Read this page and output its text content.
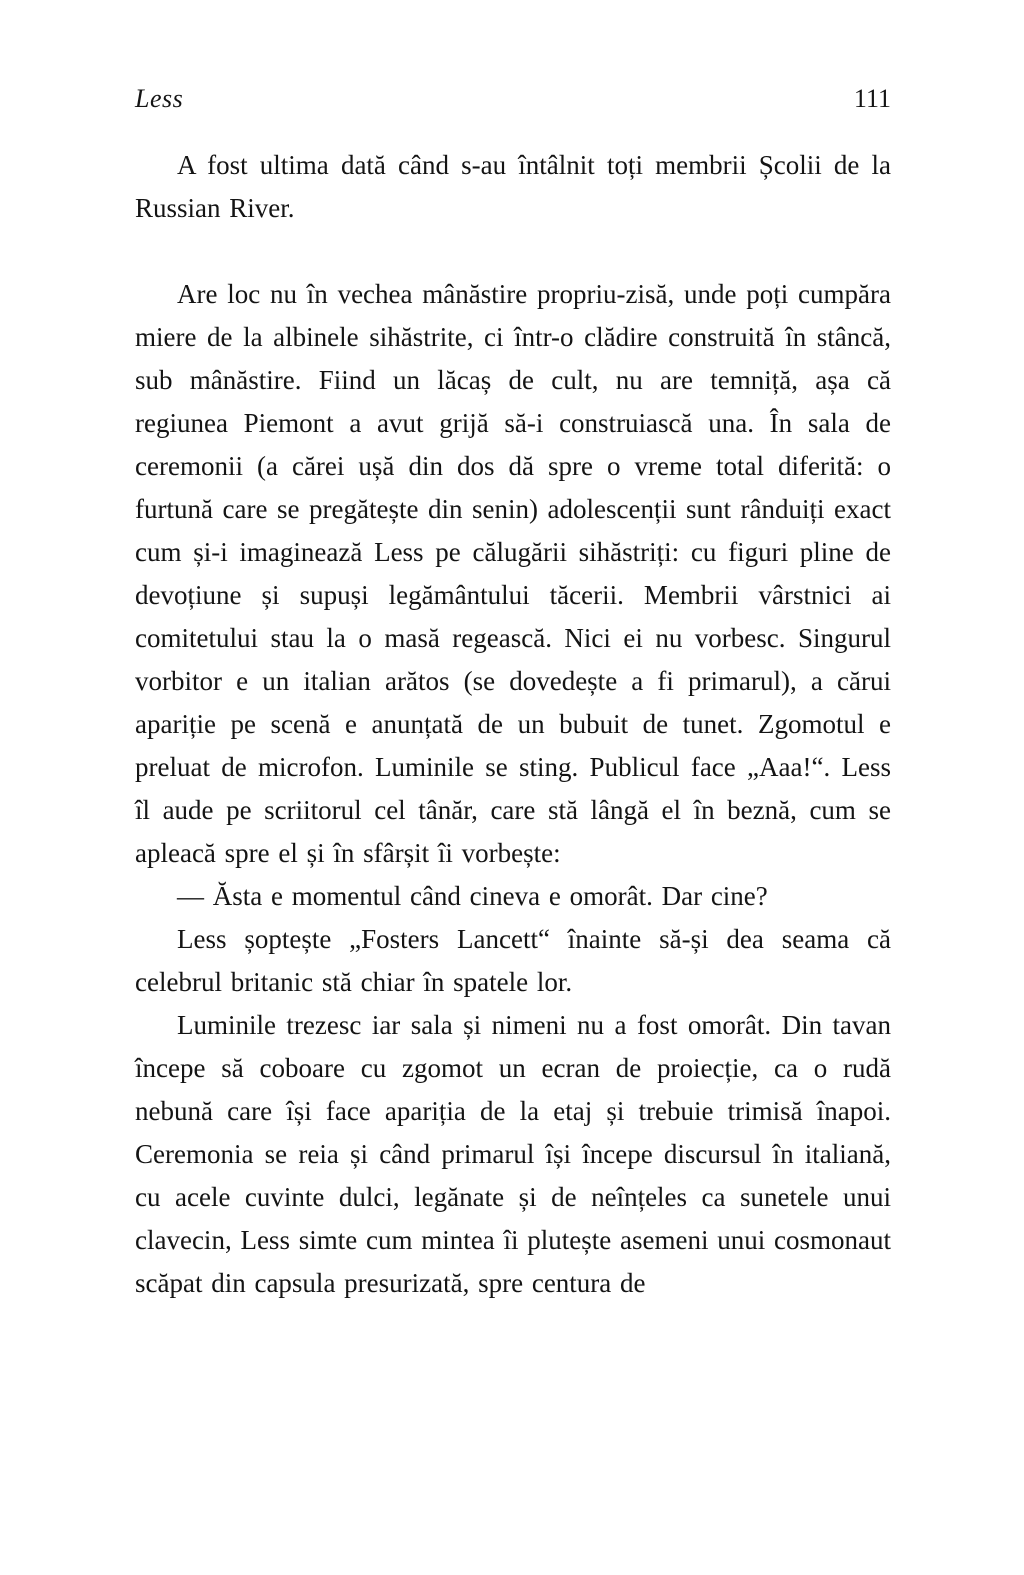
Less	111

A fost ultima dată când s-au întâlnit toți membrii Școlii de la Russian River.

Are loc nu în vechea mânăstire propriu-zisă, unde poți cumpăra miere de la albinele sihăstrite, ci într-o clădire construită în stâncă, sub mânăstire. Fiind un lăcaș de cult, nu are temniță, așa că regiunea Piemont a avut grijă să-i construiască una. În sala de ceremonii (a cărei ușă din dos dă spre o vreme total diferită: o furtună care se pregătește din senin) adolescenții sunt rânduiți exact cum și-i imaginează Less pe călugării sihăstriți: cu figuri pline de devoțiune și supuși legământului tăcerii. Membrii vârstnici ai comitetului stau la o masă regească. Nici ei nu vorbesc. Singurul vorbitor e un italian arătos (se dovedește a fi primarul), a cărui apariție pe scenă e anunțată de un bubuit de tunet. Zgomotul e preluat de microfon. Luminile se sting. Publicul face „Aaa!“. Less îl aude pe scriitorul cel tânăr, care stă lângă el în beznă, cum se apleacă spre el și în sfârșit îi vorbește:

— Ăsta e momentul când cineva e omorât. Dar cine?

Less șoptește „Fosters Lancett“ înainte să-și dea seama că celebrul britanic stă chiar în spatele lor.

Luminile trezesc iar sala și nimeni nu a fost omorât. Din tavan începe să coboare cu zgomot un ecran de proiecție, ca o rudă nebună care își face apariția de la etaj și trebuie trimisă înapoi. Ceremonia se reia și când primarul își începe discursul în italiană, cu acele cuvinte dulci, legănate și de neînțeles ca sunetele unui clavecin, Less simte cum mintea îi plutește asemeni unui cosmonaut scăpat din capsula presurizată, spre centura de
